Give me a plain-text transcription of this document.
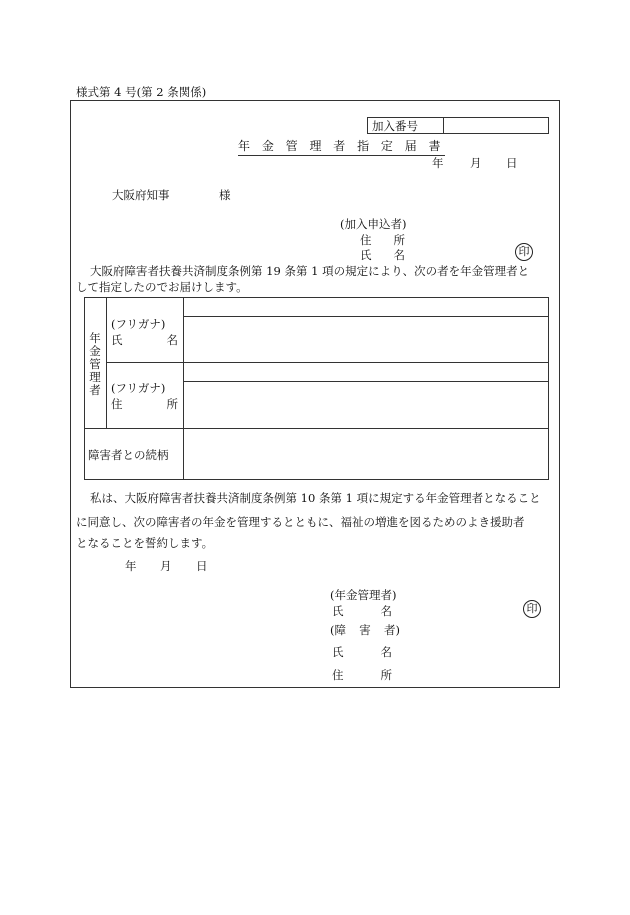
様式第 4 号(第 2 条関係)
加入番号
年 金 管 理 者 指 定 届 書
年 月 日
大阪府知事	様
(加入申込者)
住 所
氏 名	印
大阪府障害者扶養共済制度条例第 19 条第 1 項の規定により、次の者を年金管理者と
して指定したのでお届けします。
年
金
管
理
者
(フリガナ)
氏	名
(フリガナ)
住	所
障害者との続柄
私は、大阪府障害者扶養共済制度条例第 10 条第 1 項に規定する年金管理者となること
に同意し、次の障害者の年金を管理するとともに、福祉の増進を図るためのよき援助者
となることを誓約します。
年 月 日
(年金管理者)
氏	名	印
(障 害 者)
氏	名
住	所
